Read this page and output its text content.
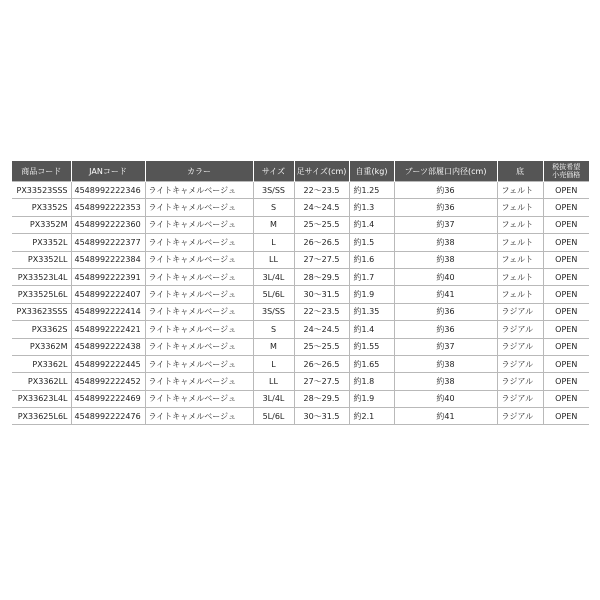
商品コード	JANコード	カラー	サイズ	足サイズ(cm)	自重(kg)	ブーツ部履口内径(cm)	底	税抜希望
小売価格
PX33523SSS	4548992222346	ライトキャメルベージュ	3S/SS	22～23.5	約1.25	約36	フェルト	OPEN
PX3352S	4548992222353	ライトキャメルベージュ	S	24～24.5	約1.3	約36	フェルト	OPEN
PX3352M	4548992222360	ライトキャメルベージュ	M	25～25.5	約1.4	約37	フェルト	OPEN
PX3352L	4548992222377	ライトキャメルベージュ	L	26～26.5	約1.5	約38	フェルト	OPEN
PX3352LL	4548992222384	ライトキャメルベージュ	LL	27～27.5	約1.6	約38	フェルト	OPEN
PX33523L4L	4548992222391	ライトキャメルベージュ	3L/4L	28～29.5	約1.7	約40	フェルト	OPEN
PX33525L6L	4548992222407	ライトキャメルベージュ	5L/6L	30～31.5	約1.9	約41	フェルト	OPEN
PX33623SSS	4548992222414	ライトキャメルベージュ	3S/SS	22～23.5	約1.35	約36	ラジアル	OPEN
PX3362S	4548992222421	ライトキャメルベージュ	S	24～24.5	約1.4	約36	ラジアル	OPEN
PX3362M	4548992222438	ライトキャメルベージュ	M	25～25.5	約1.55	約37	ラジアル	OPEN
PX3362L	4548992222445	ライトキャメルベージュ	L	26～26.5	約1.65	約38	ラジアル	OPEN
PX3362LL	4548992222452	ライトキャメルベージュ	LL	27～27.5	約1.8	約38	ラジアル	OPEN
PX33623L4L	4548992222469	ライトキャメルベージュ	3L/4L	28～29.5	約1.9	約40	ラジアル	OPEN
PX33625L6L	4548992222476	ライトキャメルベージュ	5L/6L	30～31.5	約2.1	約41	ラジアル	OPEN
